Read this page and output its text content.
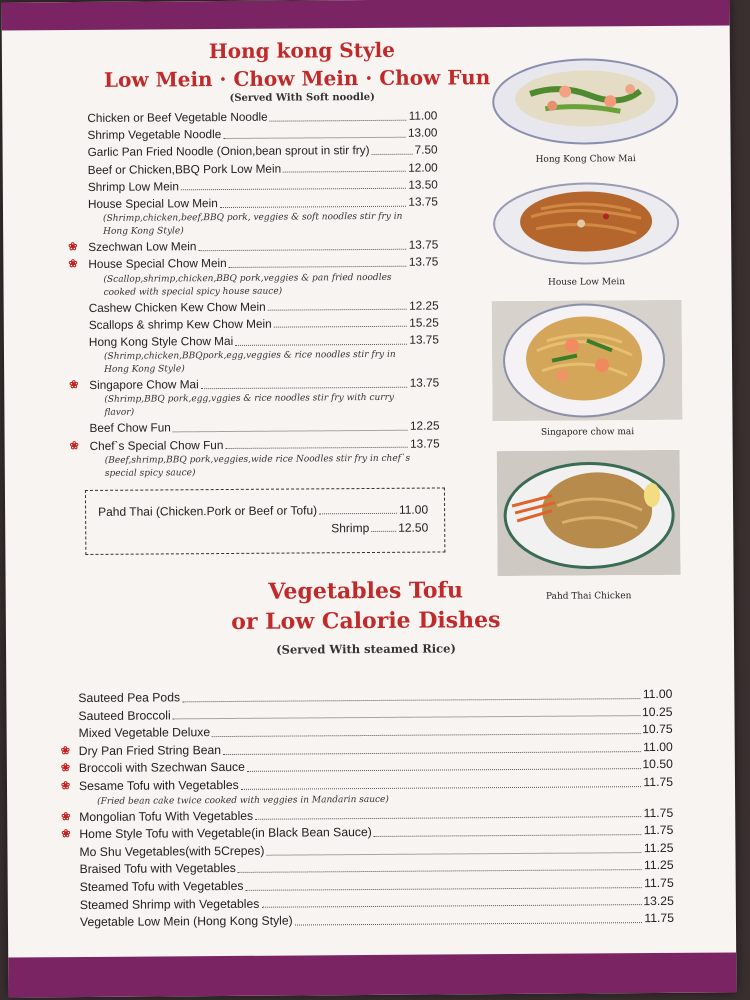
Hong kong Style
Low Mein · Chow Mein · Chow Fun
(Served With Soft noodle)
Chicken or Beef Vegetable Noodle	11.00
Shrimp Vegetable Noodle	13.00
Garlic Pan Fried Noodle (Onion,bean sprout in stir fry)	7.50
Beef or Chicken,BBQ Pork Low Mein	12.00
Shrimp Low Mein	13.50
House Special Low Mein	13.75
(Shrimp,chicken,beef,BBQ pork, veggies & soft noodles stir fry in Hong Kong Style)
❀ Szechwan Low Mein	13.75
❀ House Special Chow Mein	13.75
(Scallop,shrimp,chicken,BBQ pork,veggies & pan fried noodles cooked with special spicy house sauce)
Cashew Chicken Kew Chow Mein	12.25
Scallops & shrimp Kew Chow Mein	15.25
Hong Kong Style Chow Mai	13.75
(Shrimp,chicken,BBQpork,egg,veggies & rice noodles stir fry in Hong Kong Style)
❀ Singapore Chow Mai	13.75
(Shrimp,BBQ pork,egg,vggies & rice noodles stir fry with curry flavor)
Beef Chow Fun	12.25
❀ Chef`s Special Chow Fun	13.75
(Beef,shrimp,BBQ pork,veggies,wide rice Noodles stir fry in chef`s special spicy sauce)
Pahd Thai (Chicken.Pork or Beef or Tofu)	11.00
Shrimp 12.50
Hong Kong Chow Mai
House Low Mein
Singapore chow mai
Pahd Thai Chicken
Vegetables Tofu
or Low Calorie Dishes
(Served With steamed Rice)
Sauteed Pea Pods	11.00
Sauteed Broccoli	10.25
Mixed Vegetable Deluxe	10.75
❀ Dry Pan Fried String Bean	11.00
❀ Broccoli with Szechwan Sauce	10.50
❀ Sesame Tofu with Vegetables	11.75
(Fried bean cake twice cooked with veggies in Mandarin sauce)
❀ Mongolian Tofu With Vegetables	11.75
❀ Home Style Tofu with Vegetable(in Black Bean Sauce)	11.75
Mo Shu Vegetables(with 5Crepes)	11.25
Braised Tofu with Vegetables	11.25
Steamed Tofu with Vegetables	11.75
Steamed Shrimp with Vegetables	13.25
Vegetable Low Mein (Hong Kong Style)	11.75
